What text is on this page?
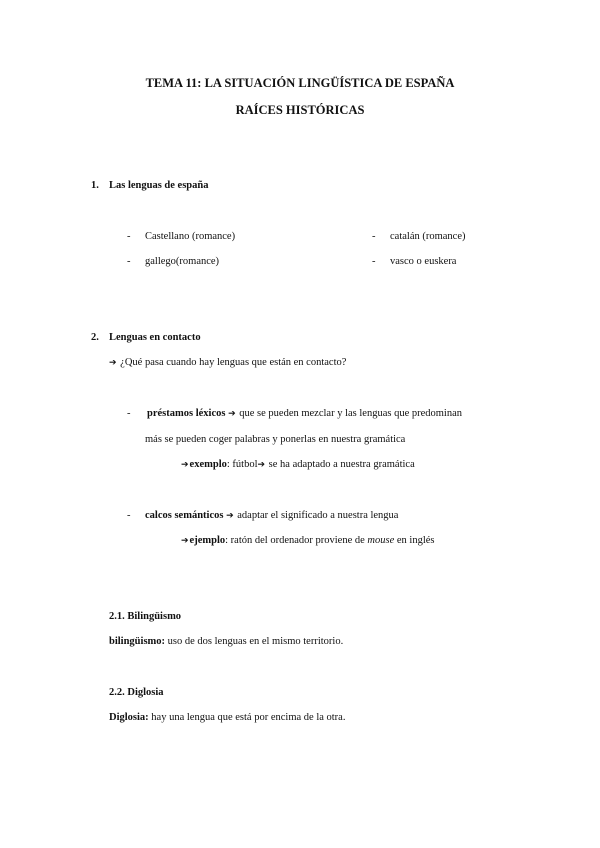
TEMA 11: LA SITUACIÓN LINGÜÍSTICA DE ESPAÑA
RAÍCES HISTÓRICAS
1. Las lenguas de españa
- Castellano (romance)	- catalán (romance)
- gallego(romance)	- vasco o euskera
2. Lenguas en contacto
➔ ¿Qué pasa cuando hay lenguas que están en contacto?
- préstamos léxicos ➔ que se pueden mezclar y las lenguas que predominan
más se pueden coger palabras y ponerlas en nuestra gramática
➔exemplo: fútbol➔ se ha adaptado a nuestra gramática
- calcos semánticos ➔ adaptar el significado a nuestra lengua
➔ejemplo: ratón del ordenador proviene de mouse en inglés
2.1. Bilingüismo
bilingüismo: uso de dos lenguas en el mismo territorio.
2.2. Diglosia
Diglosia: hay una lengua que está por encima de la otra.
